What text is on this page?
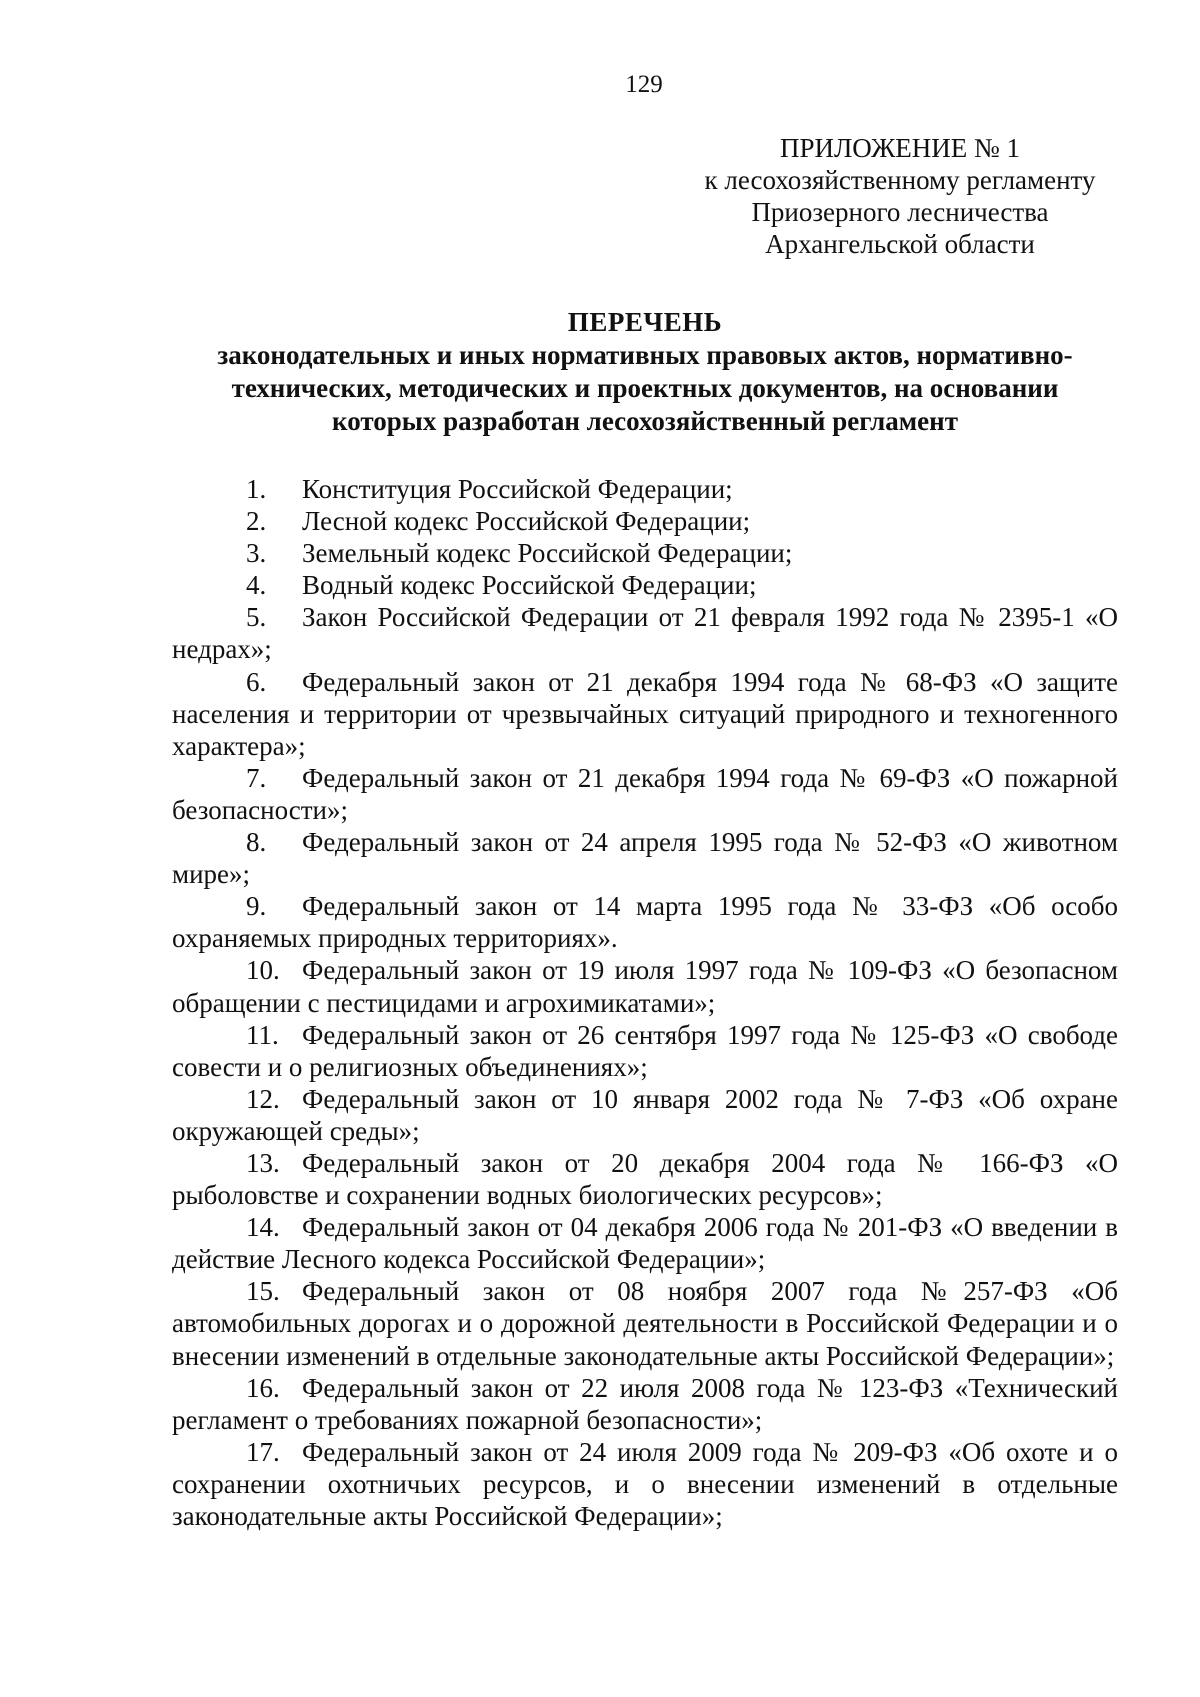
129
ПРИЛОЖЕНИЕ № 1
к лесохозяйственному регламенту
Приозерного лесничества
Архангельской области
ПЕРЕЧЕНЬ
законодательных и иных нормативных правовых актов, нормативно-
технических, методических и проектных документов, на основании
которых разработан лесохозяйственный регламент
1. Конституция Российской Федерации;
2. Лесной кодекс Российской Федерации;
3. Земельный кодекс Российской Федерации;
4. Водный кодекс Российской Федерации;
5. Закон Российской Федерации от 21 февраля 1992 года № 2395-1 «О недрах»;
6. Федеральный закон от 21 декабря 1994 года № 68-ФЗ «О защите населения и территории от чрезвычайных ситуаций природного и техногенного характера»;
7. Федеральный закон от 21 декабря 1994 года № 69-ФЗ «О пожарной безопасности»;
8. Федеральный закон от 24 апреля 1995 года № 52-ФЗ «О животном мире»;
9. Федеральный закон от 14 марта 1995 года № 33-ФЗ «Об особо охраняемых природных территориях».
10. Федеральный закон от 19 июля 1997 года № 109-ФЗ «О безопасном обращении с пестицидами и агрохимикатами»;
11. Федеральный закон от 26 сентября 1997 года № 125-ФЗ «О свободе совести и о религиозных объединениях»;
12. Федеральный закон от 10 января 2002 года № 7-ФЗ «Об охране окружающей среды»;
13. Федеральный закон от 20 декабря 2004 года № 166-ФЗ «О рыболовстве и сохранении водных биологических ресурсов»;
14. Федеральный закон от 04 декабря 2006 года № 201-ФЗ «О введении в действие Лесного кодекса Российской Федерации»;
15. Федеральный закон от 08 ноября 2007 года №257-ФЗ «Об автомобильных дорогах и о дорожной деятельности в Российской Федерации и о внесении изменений в отдельные законодательные акты Российской Федерации»;
16. Федеральный закон от 22 июля 2008 года № 123-ФЗ «Технический регламент о требованиях пожарной безопасности»;
17. Федеральный закон от 24 июля 2009 года № 209-ФЗ «Об охоте и о сохранении охотничьих ресурсов, и о внесении изменений в отдельные законодательные акты Российской Федерации»;
